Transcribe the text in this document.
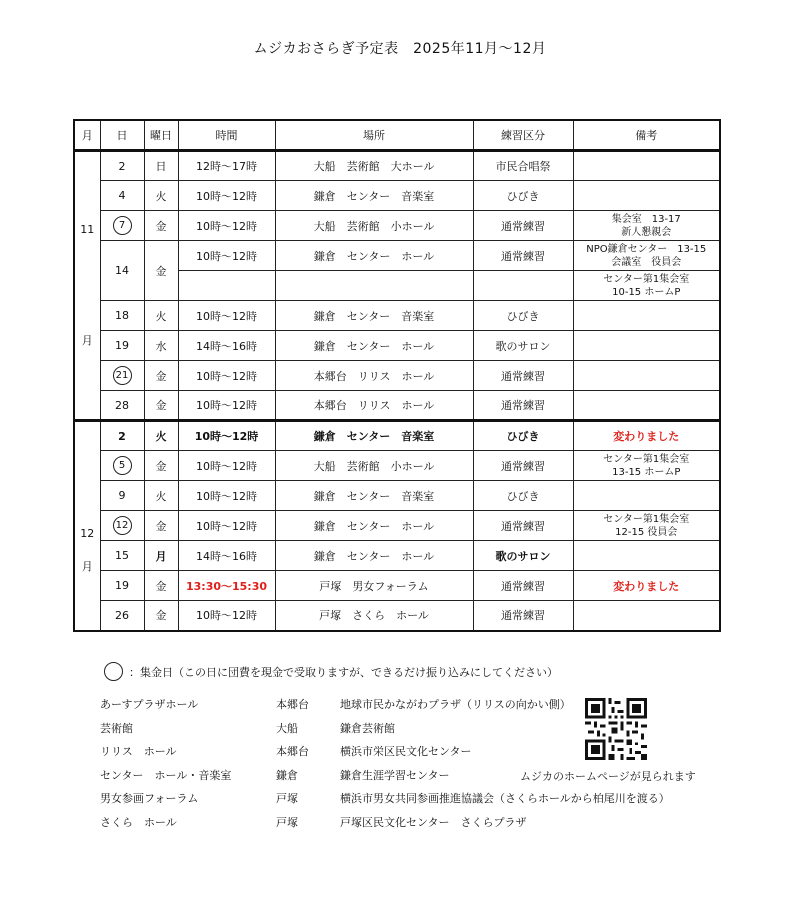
ムジカおさらぎ予定表　2025年11月～12月
月	日	曜日	時間	場所	練習区分	備考

11
月	2	日	12時～17時	大船　芸術館　大ホール	市民合唱祭	
	4	火	10時～12時	鎌倉　センター　音楽室	ひびき	
	7	金	10時～12時	大船　芸術館　小ホール	通常練習	集会室　13-17
新人懇親会

	14	金	10時～12時	鎌倉　センター　ホール	通常練習	NPO鎌倉センター　13-15
会議室　役員会

						センター第1集会室
10-15 ホームP

	18	火	10時～12時	鎌倉　センター　音楽室	ひびき	
	19	水	14時～16時	鎌倉　センター　ホール	歌のサロン	
	21	金	10時～12時	本郷台　リリス　ホール	通常練習	
	28	金	10時～12時	本郷台　リリス　ホール	通常練習	

12
月	2	火	10時～12時	鎌倉　センター　音楽室	ひびき	変わりました
	5	金	10時～12時	大船　芸術館　小ホール	通常練習	センター第1集会室
13-15 ホームP

	9	火	10時～12時	鎌倉　センター　音楽室	ひびき	
	12	金	10時～12時	鎌倉　センター　ホール	通常練習	センター第1集会室
12-15 役員会

	15	月	14時～16時	鎌倉　センター　ホール	歌のサロン	
	19	金	13:30～15:30	戸塚　男女フォーラム	通常練習	変わりました
	26	金	10時～12時	戸塚　さくら　ホール	通常練習	
：集金日（この日に団費を現金で受取りますが、できるだけ振り込みにしてください）
あーすプラザホール	本郷台	地球市民かながわプラザ（リリスの向かい側）
芸術館	大船	鎌倉芸術館
リリス　ホール	本郷台	横浜市栄区民文化センター
センター　ホール・音楽室	鎌倉	鎌倉生涯学習センター
男女参画フォーラム	戸塚	横浜市男女共同参画推進協議会（さくらホールから柏尾川を渡る）
さくら　ホール	戸塚	戸塚区民文化センター　さくらプラザ
ムジカのホームページが見られます
